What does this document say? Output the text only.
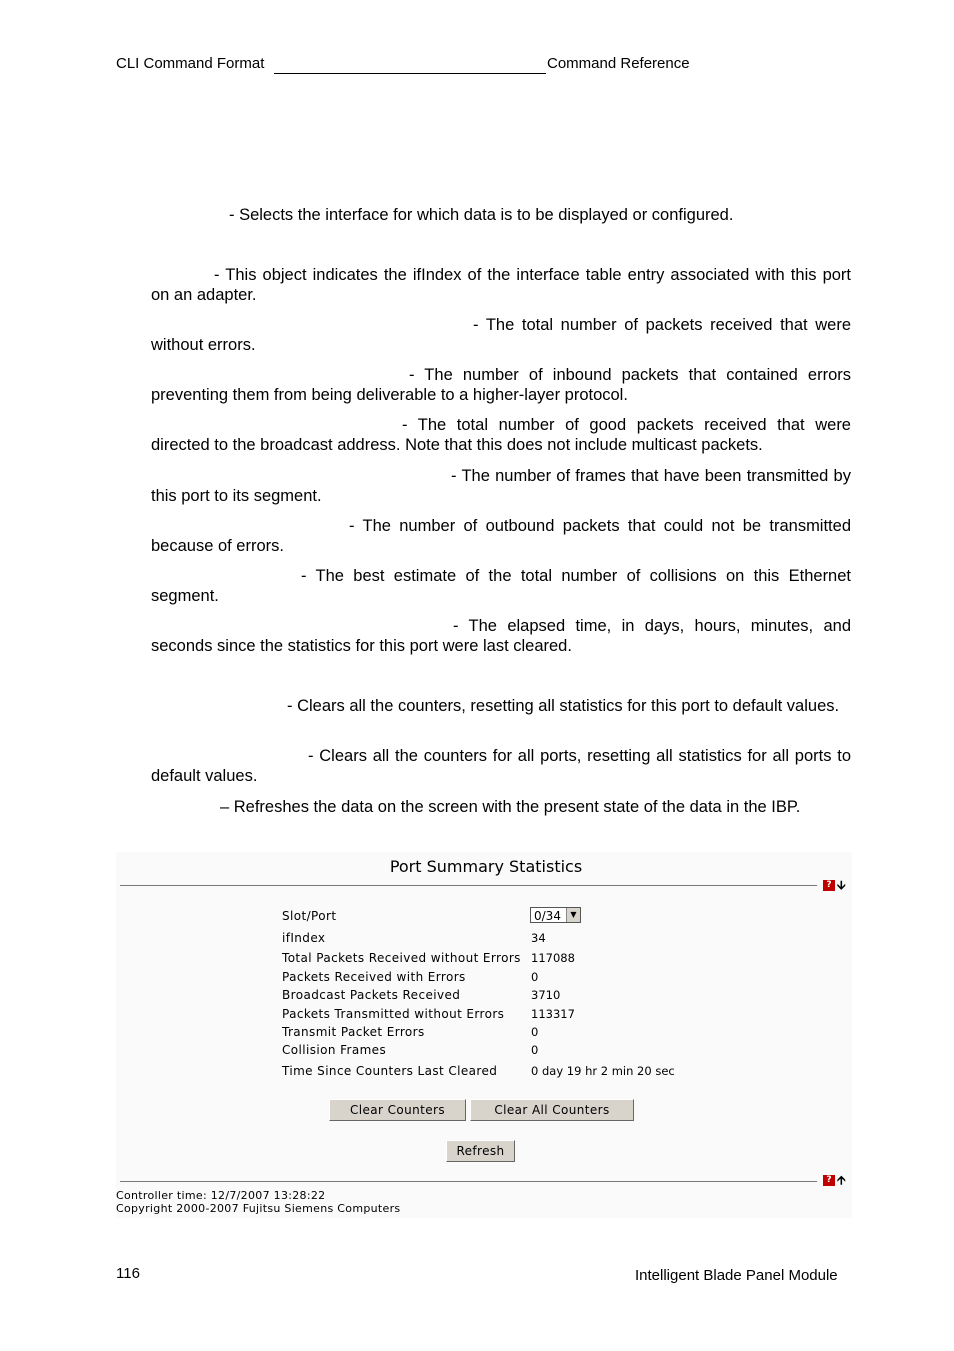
CLI Command Format	Command Reference
- Selects the interface for which data is to be displayed or configured.
- This object indicates the ifIndex of the interface table entry associated with this port on an adapter.
- The total number of packets received that were without errors.
- The number of inbound packets that contained errors preventing them from being deliverable to a higher-layer protocol.
- The total number of good packets received that were directed to the broadcast address. Note that this does not include multicast packets.
- The number of frames that have been transmitted by this port to its segment.
- The number of outbound packets that could not be transmitted because of errors.
- The best estimate of the total number of collisions on this Ethernet segment.
- The elapsed time, in days, hours, minutes, and seconds since the statistics for this port were last cleared.
- Clears all the counters, resetting all statistics for this port to default values.
- Clears all the counters for all ports, resetting all statistics for all ports to default values.
– Refreshes the data on the screen with the present state of the data in the IBP.
Port Summary Statistics
? 🡫
Slot/Port	0/34	▼
ifIndex	34
Total Packets Received without Errors 117088
Packets Received with Errors	0
Broadcast Packets Received	3710
Packets Transmitted without Errors 113317
Transmit Packet Errors	0
Collision Frames	0
Time Since Counters Last Cleared	0 day 19 hr 2 min 20 sec
Clear Counters	Clear All Counters
Refresh
? 🡩
Controller time: 12/7/2007 13:28:22
Copyright 2000-2007 Fujitsu Siemens Computers
116	Intelligent Blade Panel Module
